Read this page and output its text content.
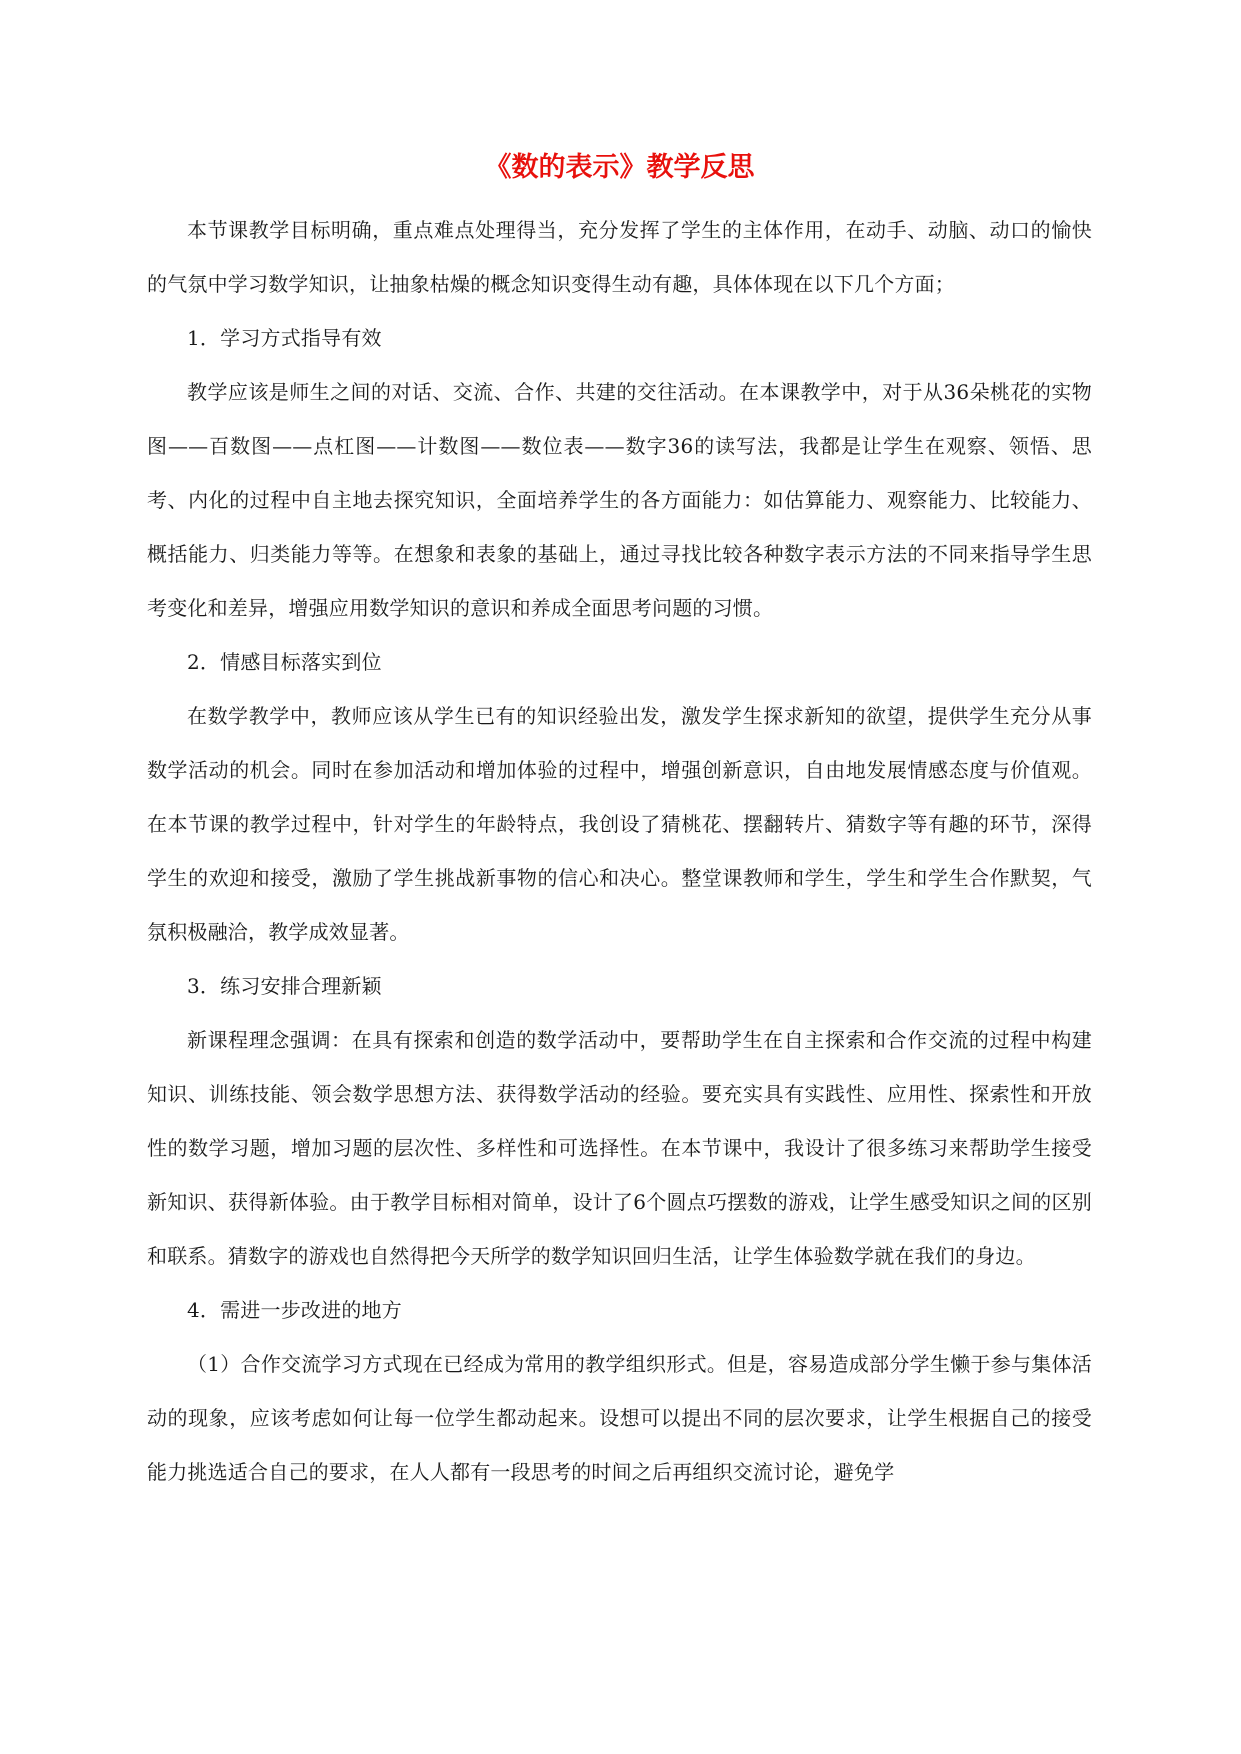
《数的表示》教学反思

本节课教学目标明确，重点难点处理得当，充分发挥了学生的主体作用，在动手、动脑、动口的愉快的气氛中学习数学知识，让抽象枯燥的概念知识变得生动有趣，具体体现在以下几个方面；

1．学习方式指导有效

教学应该是师生之间的对话、交流、合作、共建的交往活动。在本课教学中，对于从36朵桃花的实物图——百数图——点杠图——计数图——数位表——数字36的读写法，我都是让学生在观察、领悟、思考、内化的过程中自主地去探究知识，全面培养学生的各方面能力：如估算能力、观察能力、比较能力、概括能力、归类能力等等。在想象和表象的基础上，通过寻找比较各种数字表示方法的不同来指导学生思考变化和差异，增强应用数学知识的意识和养成全面思考问题的习惯。

2．情感目标落实到位

在数学教学中，教师应该从学生已有的知识经验出发，激发学生探求新知的欲望，提供学生充分从事数学活动的机会。同时在参加活动和增加体验的过程中，增强创新意识，自由地发展情感态度与价值观。在本节课的教学过程中，针对学生的年龄特点，我创设了猜桃花、摆翻转片、猜数字等有趣的环节，深得学生的欢迎和接受，激励了学生挑战新事物的信心和决心。整堂课教师和学生，学生和学生合作默契，气氛积极融洽，教学成效显著。

3．练习安排合理新颖

新课程理念强调：在具有探索和创造的数学活动中，要帮助学生在自主探索和合作交流的过程中构建知识、训练技能、领会数学思想方法、获得数学活动的经验。要充实具有实践性、应用性、探索性和开放性的数学习题，增加习题的层次性、多样性和可选择性。在本节课中，我设计了很多练习来帮助学生接受新知识、获得新体验。由于教学目标相对简单，设计了6个圆点巧摆数的游戏，让学生感受知识之间的区别和联系。猜数字的游戏也自然得把今天所学的数学知识回归生活，让学生体验数学就在我们的身边。

4．需进一步改进的地方

（1）合作交流学习方式现在已经成为常用的教学组织形式。但是，容易造成部分学生懒于参与集体活动的现象，应该考虑如何让每一位学生都动起来。设想可以提出不同的层次要求，让学生根据自己的接受能力挑选适合自己的要求，在人人都有一段思考的时间之后再组织交流讨论，避免学
